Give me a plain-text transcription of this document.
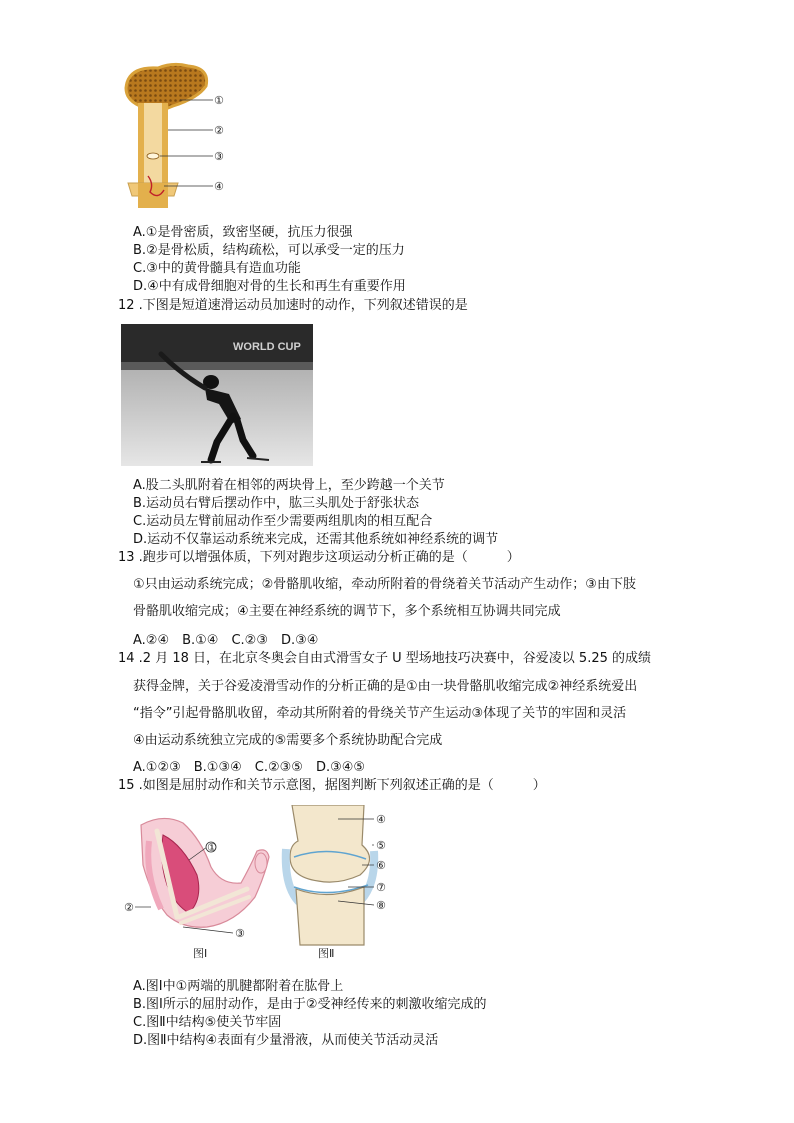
①
②
③
④
A.①是骨密质，致密坚硬，抗压力很强
B.②是骨松质，结构疏松，可以承受一定的压力
C.③中的黄骨髓具有造血功能
D.④中有成骨细胞对骨的生长和再生有重要作用
12 .下图是短道速滑运动员加速时的动作，下列叙述错误的是
WORLD CUP
A.股二头肌附着在相邻的两块骨上，至少跨越一个关节
B.运动员右臂后摆动作中，肱三头肌处于舒张状态
C.运动员左臂前屈动作至少需要两组肌肉的相互配合
D.运动不仅靠运动系统来完成，还需其他系统如神经系统的调节
13 .跑步可以增强体质，下列对跑步这项运动分析正确的是（　　　）
①只由运动系统完成；②骨骼肌收缩，牵动所附着的骨绕着关节活动产生动作；③由下肢
骨骼肌收缩完成；④主要在神经系统的调节下，多个系统相互协调共同完成
A.②④　B.①④　C.②③　D.③④
14 .2 月 18 日，在北京冬奥会自由式滑雪女子 U 型场地技巧决赛中，谷爱凌以 5.25 的成绩
获得金牌，关于谷爱凌滑雪动作的分析正确的是①由一块骨骼肌收缩完成②神经系统爱出
“指令”引起骨骼肌收留，牵动其所附着的骨绕关节产生运动③体现了关节的牢固和灵活
④由运动系统独立完成的⑤需要多个系统协助配合完成
A.①②③　B.①③④　C.②③⑤　D.③④⑤
15 .如图是屈肘动作和关节示意图，据图判断下列叙述正确的是（　　　）
①
②
③
图Ⅰ
④
⑤
⑥
⑦
⑧
图Ⅱ
A.图Ⅰ中①两端的肌腱都附着在肱骨上
B.图Ⅰ所示的屈肘动作，是由于②受神经传来的刺激收缩完成的
C.图Ⅱ中结构⑤使关节牢固
D.图Ⅱ中结构④表面有少量滑液，从而使关节活动灵活
